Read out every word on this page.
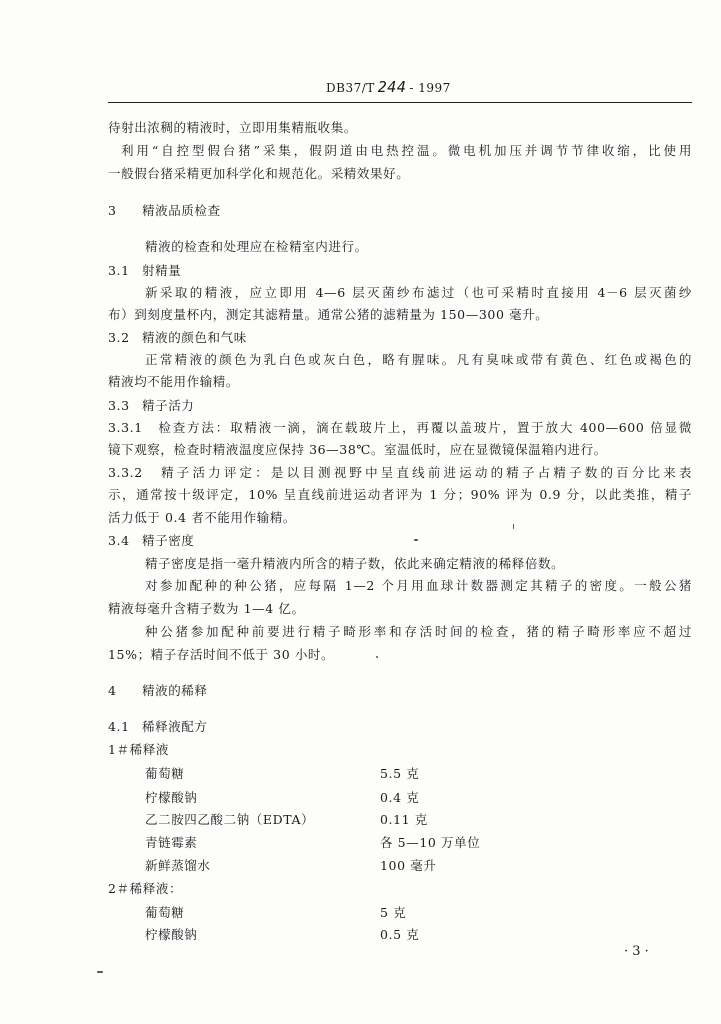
DB37/T 244 - 1997
待射出浓稠的精液时，立即用集精瓶收集。
利用“自控型假台猪”采集，假阴道由电热控温。微电机加压并调节节律收缩，比使用
一般假台猪采精更加科学化和规范化。采精效果好。
3 精液品质检查
精液的检查和处理应在检精室内进行。
3.1 射精量
新采取的精液，应立即用 4—6 层灭菌纱布滤过（也可采精时直接用 4－6 层灭菌纱
布）到刻度量杯内，测定其滤精量。通常公猪的滤精量为 150—300 毫升。
3.2 精液的颜色和气味
正常精液的颜色为乳白色或灰白色，略有腥味。凡有臭味或带有黄色、红色或褐色的
精液均不能用作输精。
3.3 精子活力
3.3.1　检查方法：取精液一滴，滴在载玻片上，再覆以盖玻片，置于放大 400—600 倍显微
镜下观察，检查时精液温度应保持 36—38℃。室温低时，应在显微镜保温箱内进行。
3.3.2　精子活力评定：是以目测视野中呈直线前进运动的精子占精子数的百分比来表
示，通常按十级评定，10% 呈直线前进运动者评为 1 分；90% 评为 0.9 分，以此类推，精子
活力低于 0.4 者不能用作输精。
3.4 精子密度
精子密度是指一毫升精液内所含的精子数，依此来确定精液的稀释倍数。
对参加配种的种公猪，应每隔 1—2 个月用血球计数器测定其精子的密度。一般公猪
精液每毫升含精子数为 1—4 亿。
种公猪参加配种前要进行精子畸形率和存活时间的检查，猪的精子畸形率应不超过
15%；精子存活时间不低于 30 小时。
4 精液的稀释
4.1 稀释液配方
1＃稀释液
葡萄糖	5.5 克
柠檬酸钠	0.4 克
乙二胺四乙酸二钠（EDTA）	0.11 克
青链霉素	各 5—10 万单位
新鲜蒸馏水	100 毫升
2＃稀释液：
葡萄糖	5 克
柠檬酸钠	0.5 克
· 3 ·
